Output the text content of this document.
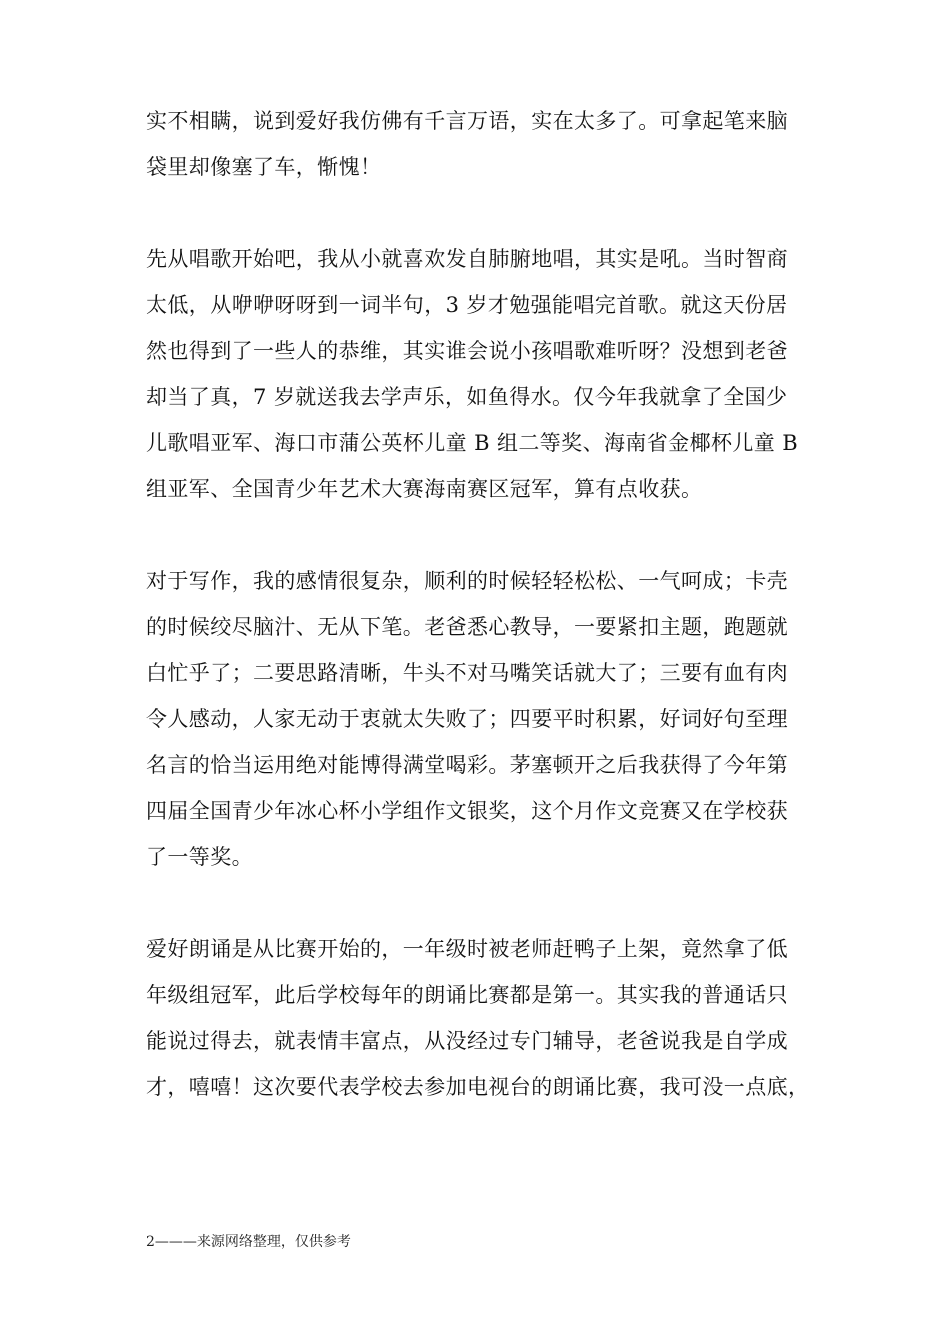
实不相瞒，说到爱好我仿佛有千言万语，实在太多了。可拿起笔来脑
袋里却像塞了车，惭愧！

先从唱歌开始吧，我从小就喜欢发自肺腑地唱，其实是吼。当时智商
太低，从咿咿呀呀到一词半句，3 岁才勉强能唱完首歌。就这天份居
然也得到了一些人的恭维，其实谁会说小孩唱歌难听呀？没想到老爸
却当了真，7 岁就送我去学声乐，如鱼得水。仅今年我就拿了全国少
儿歌唱亚军、海口市蒲公英杯儿童 B 组二等奖、海南省金椰杯儿童 B
组亚军、全国青少年艺术大赛海南赛区冠军，算有点收获。

对于写作，我的感情很复杂，顺利的时候轻轻松松、一气呵成；卡壳
的时候绞尽脑汁、无从下笔。老爸悉心教导，一要紧扣主题，跑题就
白忙乎了；二要思路清晰，牛头不对马嘴笑话就大了；三要有血有肉
令人感动，人家无动于衷就太失败了；四要平时积累，好词好句至理
名言的恰当运用绝对能博得满堂喝彩。茅塞顿开之后我获得了今年第
四届全国青少年冰心杯小学组作文银奖，这个月作文竞赛又在学校获
了一等奖。

爱好朗诵是从比赛开始的，一年级时被老师赶鸭子上架，竟然拿了低
年级组冠军，此后学校每年的朗诵比赛都是第一。其实我的普通话只
能说过得去，就表情丰富点，从没经过专门辅导，老爸说我是自学成
才，嘻嘻！这次要代表学校去参加电视台的朗诵比赛，我可没一点底，

2———来源网络整理，仅供参考
